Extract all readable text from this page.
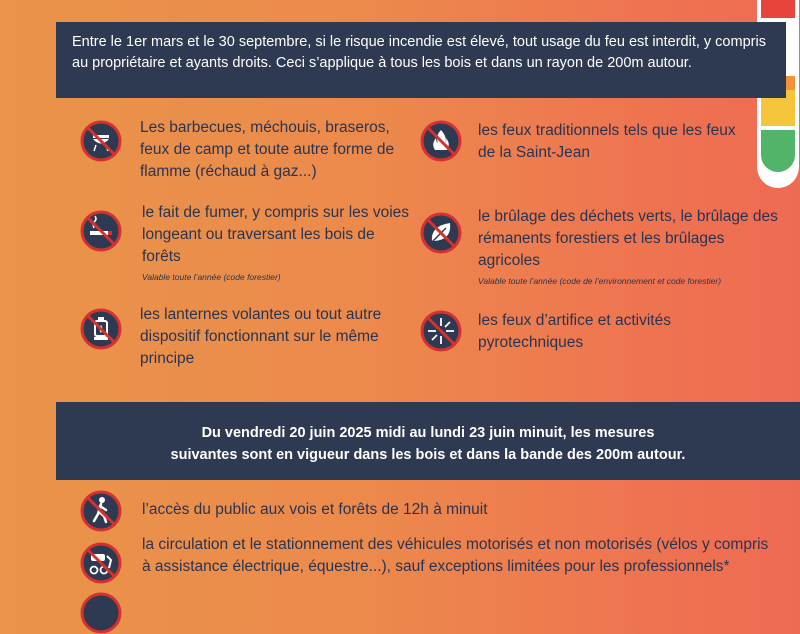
Entre le 1er mars et le 30 septembre, si le risque incendie est élevé, tout usage du feu est interdit, y compris au propriétaire et ayants droits. Ceci s’applique à tous les bois et dans un rayon de 200m autour.
Les barbecues, méchouis, braseros, feux de camp et toute autre forme de flamme (réchaud à gaz...)
les feux traditionnels tels que les feux de la Saint-Jean
le fait de fumer, y compris sur les voies longeant ou traversant les bois de forêts
Valable toute l’année (code forestier)
le brûlage des déchets verts, le brûlage des rémanents forestiers et les brûlages agricoles
Valable toute l’année (code de l’environnement et code forestier)
les lanternes volantes ou tout autre dispositif fonctionnant sur le même principe
les feux d’artifice et activités pyrotechniques
Du vendredi 20 juin 2025 midi au lundi 23 juin minuit, les mesures
suivantes sont en vigueur dans les bois et dans la bande des 200m autour.
l’accès du public aux vois et forêts de 12h à minuit
la circulation et le stationnement des véhicules motorisés et non motorisés (vélos y compris à assistance électrique, équestre...), sauf exceptions limitées pour les professionnels*
